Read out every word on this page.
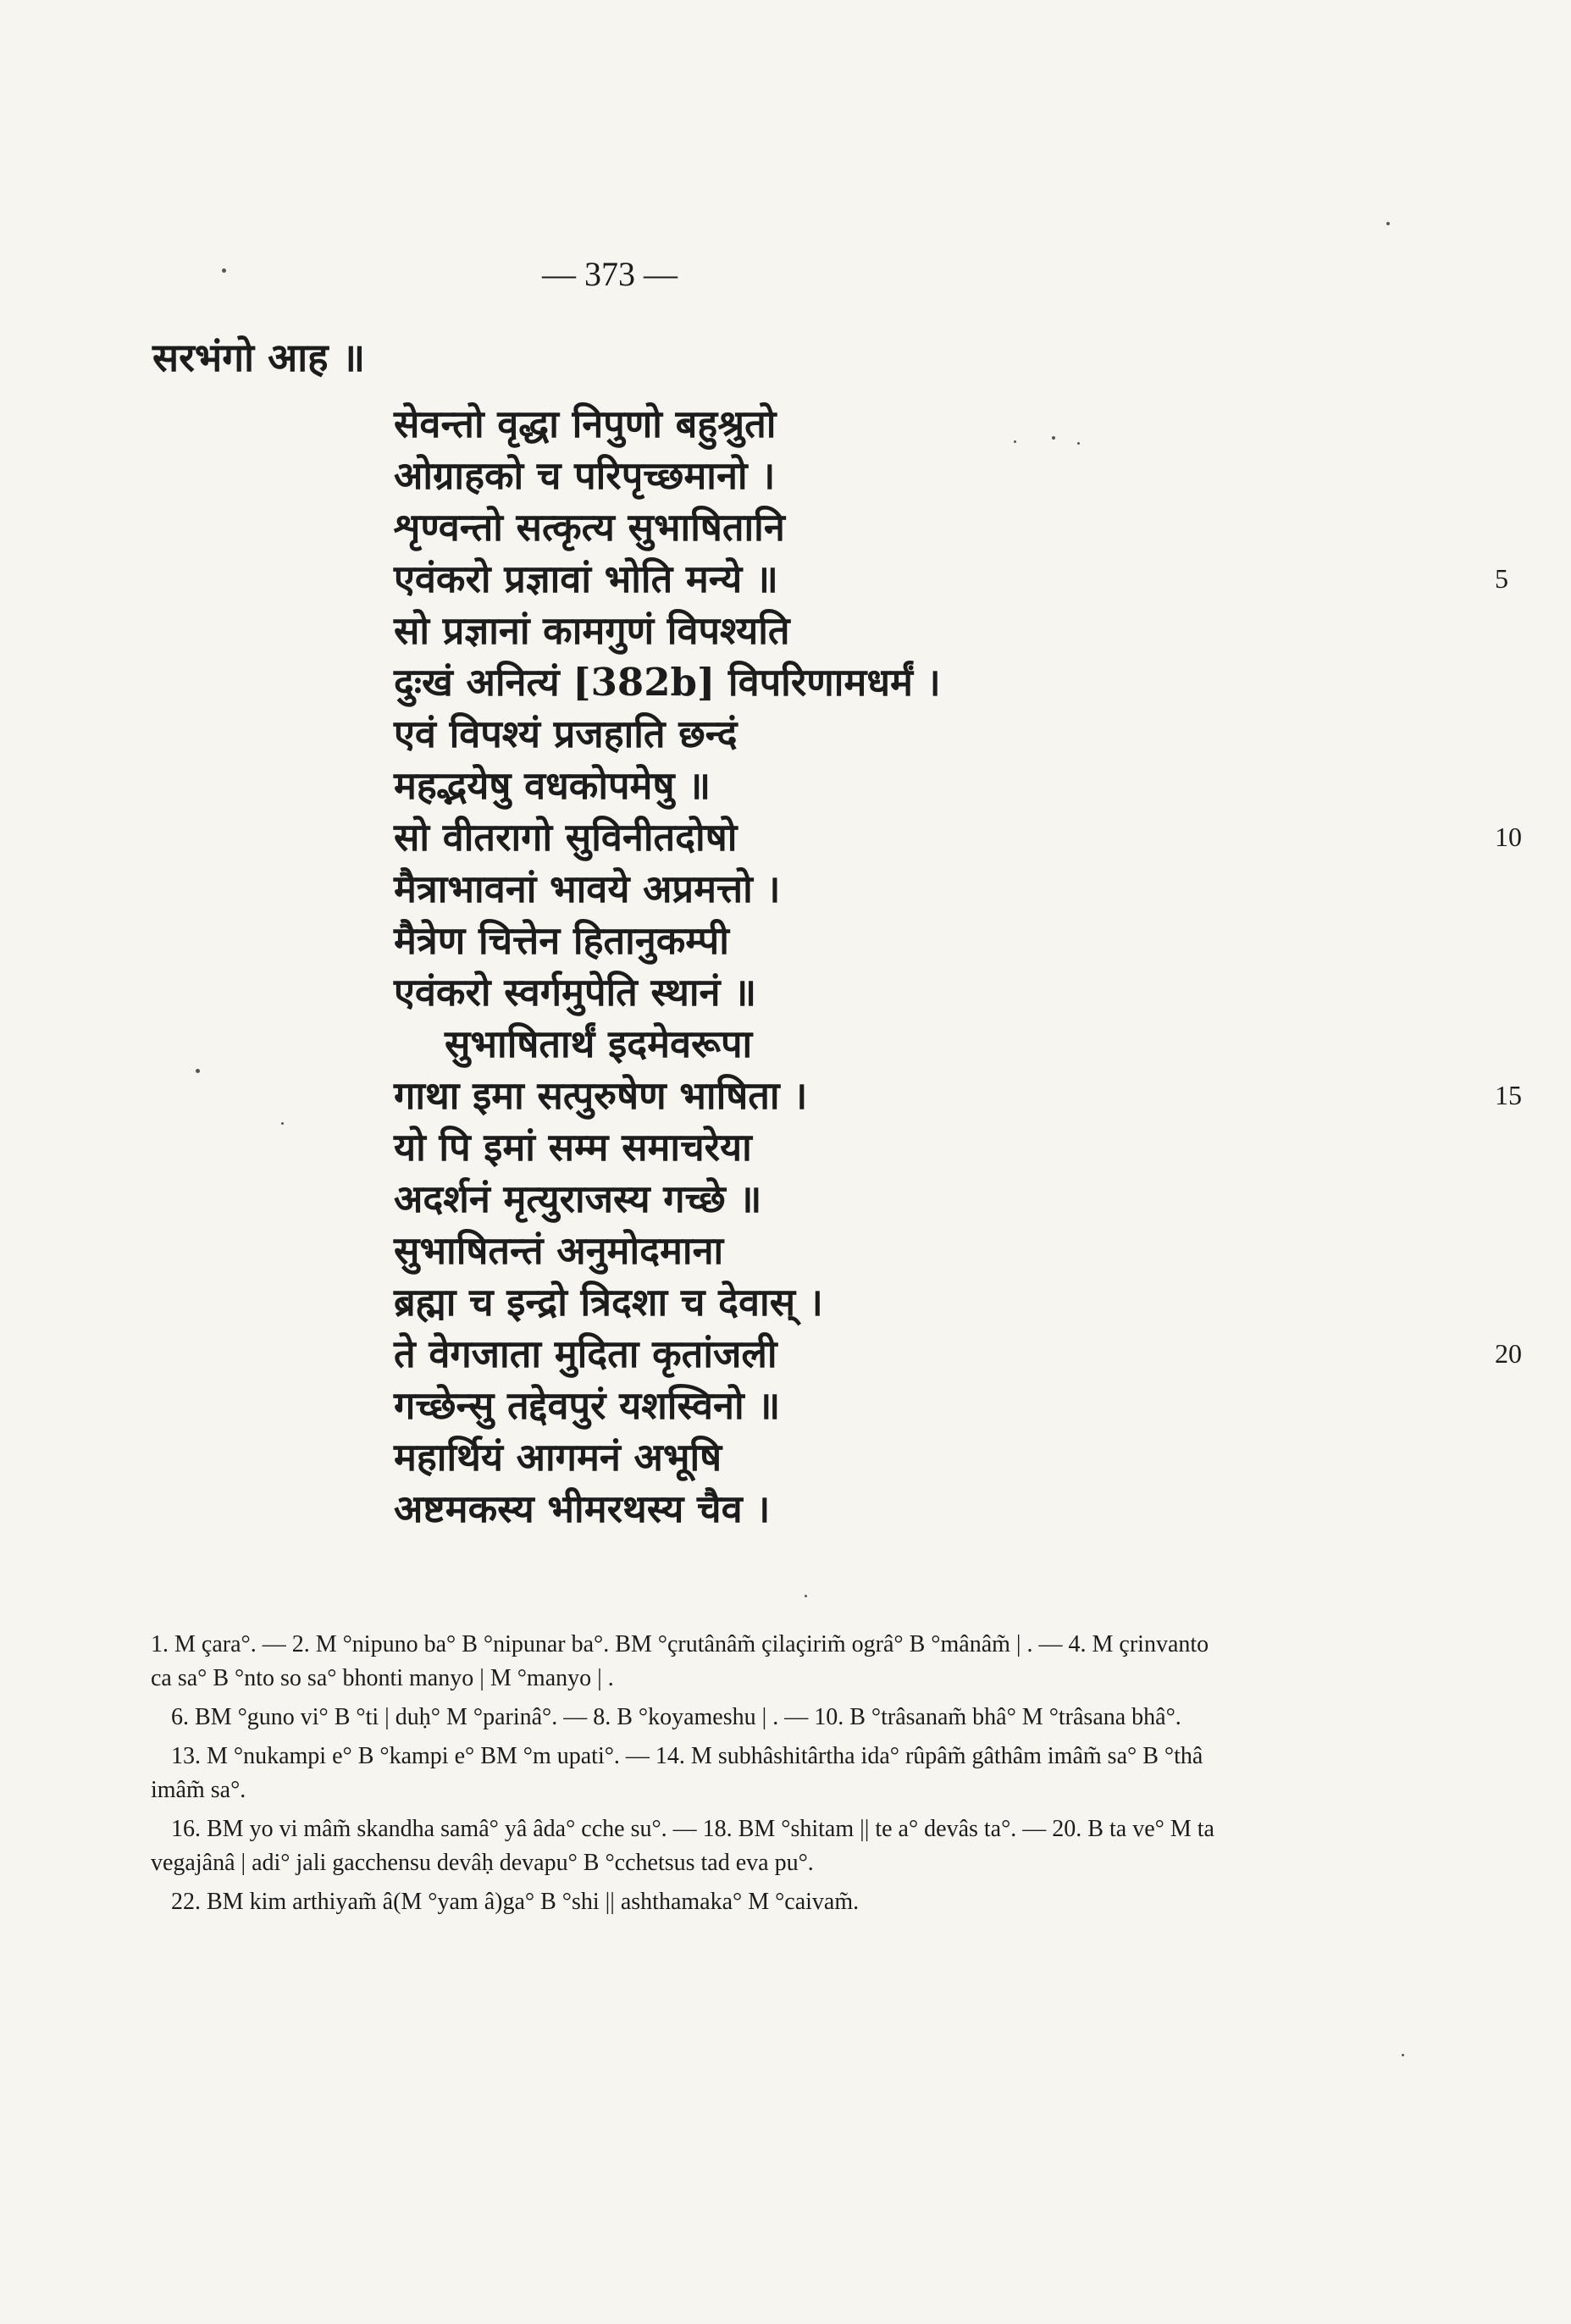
— 373 —
सरभंगो आह ॥
सेवन्तो वृद्धा निपुणो बहुश्रुतो
ओग्राहको च परिपृच्छमानो ।
शृण्वन्तो सत्कृत्य सुभाषितानि
एवंकरो प्रज्ञावां भोति मन्ये ॥	5
सो प्रज्ञानां कामगुणं विपश्यति
दुःखं अनित्यं [382b] विपरिणामधर्मं ।
एवं विपश्यं प्रजहाति छन्दं
महद्भयेषु वधकोपमेषु ॥
सो वीतरागो सुविनीतदोषो	10
मैत्राभावनां भावये अप्रमत्तो ।
मैत्रेण चित्तेन हितानुकम्पी
एवंकरो स्वर्गमुपेति स्थानं ॥
सुभाषितार्थं इदमेवरूपा
गाथा इमा सत्पुरुषेण भाषिता ।	15
यो पि इमां सम्म समाचरेया
अदर्शनं मृत्युराजस्य गच्छे ॥
सुभाषितन्तं अनुमोदमाना
ब्रह्मा च इन्द्रो त्रिदशा च देवास् ।
ते वेगजाता मुदिता कृतांजली	20
गच्छेन्सु तद्देवपुरं यशस्विनो ॥
महार्थियं आगमनं अभूषि
अष्टमकस्य भीमरथस्य चैव ।

1. M çara°. — 2. M °nipuno ba° B °nipunar ba°. BM °çrutânâm̃ çilaçirim̃ ogrâ° B °mânâm̃ | . — 4. M çrinvanto ca sa° B °nto so sa° bhonti manyo | M °manyo | .

6. BM °guno vi° B °ti | duḥ° M °parinâ°. — 8. B °koyameshu | . — 10. B °trâsanam̃ bhâ° M °trâsana bhâ°.

13. M °nukampi e° B °kampi e° BM °m upati°. — 14. M subhâshitârtha ida° rûpâm̃ gâthâm imâm̃ sa° B °thâ imâm̃ sa°.

16. BM yo vi mâm̃ skandha samâ° yâ âda° cche su°. — 18. BM °shitam || te a° devâs ta°. — 20. B ta ve° M ta vegajânâ | adi° jali gacchensu devâḥ devapu° B °cchetsus tad eva pu°.

22. BM kim arthiyam̃ â(M °yam â)ga° B °shi || ashthamaka° M °caivam̃.
